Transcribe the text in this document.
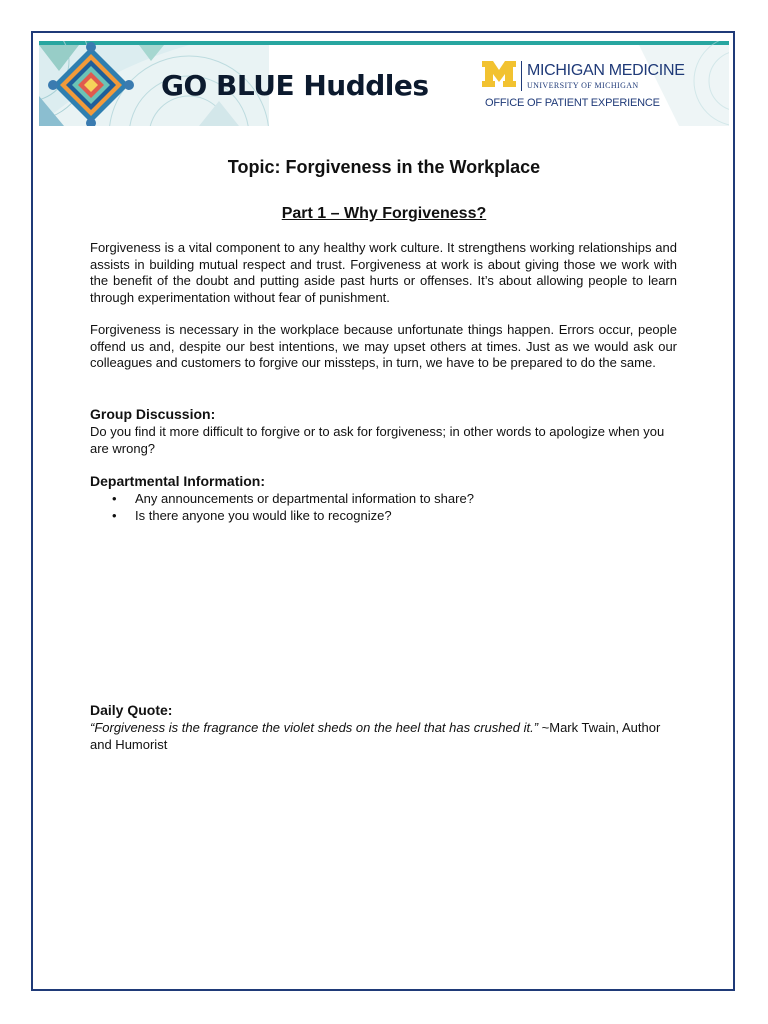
GO BLUE Huddles	MICHIGAN MEDICINE
UNIVERSITY OF MICHIGAN
OFFICE OF PATIENT EXPERIENCE
Topic: Forgiveness in the Workplace
Part 1 – Why Forgiveness?

Forgiveness is a vital component to any healthy work culture. It strengthens working relationships and assists in building mutual respect and trust. Forgiveness at work is about giving those we work with the benefit of the doubt and putting aside past hurts or offenses. It’s about allowing people to learn through experimentation without fear of punishment.

Forgiveness is necessary in the workplace because unfortunate things happen. Errors occur, people offend us and, despite our best intentions, we may upset others at times. Just as we would ask our colleagues and customers to forgive our missteps, in turn, we have to be prepared to do the same.

Group Discussion:

Do you find it more difficult to forgive or to ask for forgiveness; in other words to apologize when you are wrong?

Departmental Information:

• Any announcements or departmental information to share?
• Is there anyone you would like to recognize?

Daily Quote:

“Forgiveness is the fragrance the violet sheds on the heel that has crushed it.” ~Mark Twain, Author and Humorist
